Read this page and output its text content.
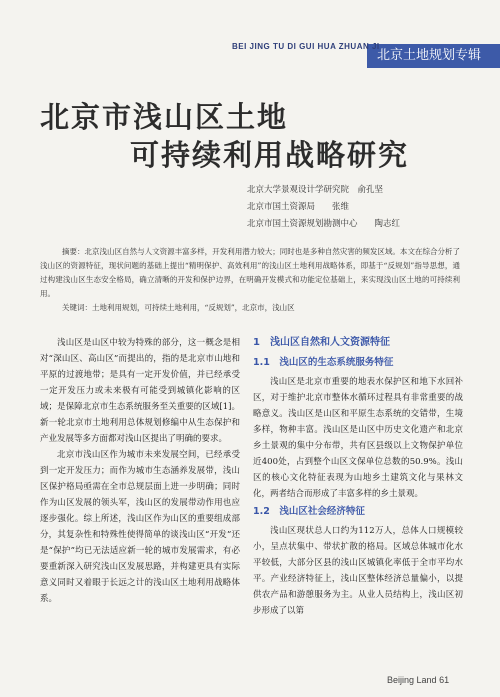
北京土地规划专辑
BEI JING TU DI GUI HUA ZHUAN JI
北京市浅山区土地
可持续利用战略研究
北京大学景观设计学研究院　俞孔坚
北京市国土资源局　　张维
北京市国土资源规划勘测中心　　陶志红

摘要：北京浅山区自然与人文资源丰富多样，开发利用潜力较大；同时也是多种自然灾害的频发区域。本文在综合分析了浅山区的资源特征，现状问题的基础上提出“精明保护、高效利用”的浅山区土地利用战略体系，即基于“反规划”指导思想，通过构建浅山区生态安全格局，确立清晰的开发和保护边界，在明确开发模式和功能定位基础上，来实现浅山区土地的可持续利用。

关键词：土地利用规划，可持续土地利用，“反规划”，北京市，浅山区

浅山区是山区中较为特殊的部分，这一概念是相对“深山区、高山区”而提出的，指的是北京市山地和平原的过渡地带；是具有一定开发价值，并已经承受一定开发压力或未来极有可能受到城镇化影响的区域；是保障北京市生态系统服务至关重要的区域[1]。新一轮北京市土地利用总体规划修编中从生态保护和产业发展等多方面都对浅山区提出了明确的要求。

北京市浅山区作为城市未来发展空间，已经承受到一定开发压力；而作为城市生态涵养发展带，浅山区保护格局亟需在全市总规层面上进一步明确；同时作为山区发展的领头军，浅山区的发展带动作用也应逐步强化。综上所述，浅山区作为山区的重要组成部分，其复杂性和特殊性使得简单的谈浅山区“开发”还是“保护”均已无法适应新一轮的城市发展需求，有必要重新深入研究浅山区发展思路，并构建更具有实际意义同时又着眼于长远之计的浅山区土地利用战略体系。

1　浅山区自然和人文资源特征
1.1　浅山区的生态系统服务特征

浅山区是北京市重要的地表水保护区和地下水回补区，对于维护北京市整体水循环过程具有非常重要的战略意义。浅山区是山区和平原生态系统的交错带，生境多样，物种丰富。浅山区是山区中历史文化遗产和北京乡土景观的集中分布带，共有区县级以上文物保护单位近400处，占到整个山区文保单位总数的50.9%。浅山区的核心文化特征表现为山地乡土建筑文化与果林文化，两者结合而形成了丰富多样的乡土景观。

1.2　浅山区社会经济特征

浅山区现状总人口约为112万人，总体人口规模较小，呈点状集中、带状扩散的格局。区域总体城市化水平较低，大部分区县的浅山区城镇化率低于全市平均水平。产业经济特征上，浅山区整体经济总量偏小，以提供农产品和游憩服务为主。从业人员结构上，浅山区初步形成了以第

Beijing Land 61
